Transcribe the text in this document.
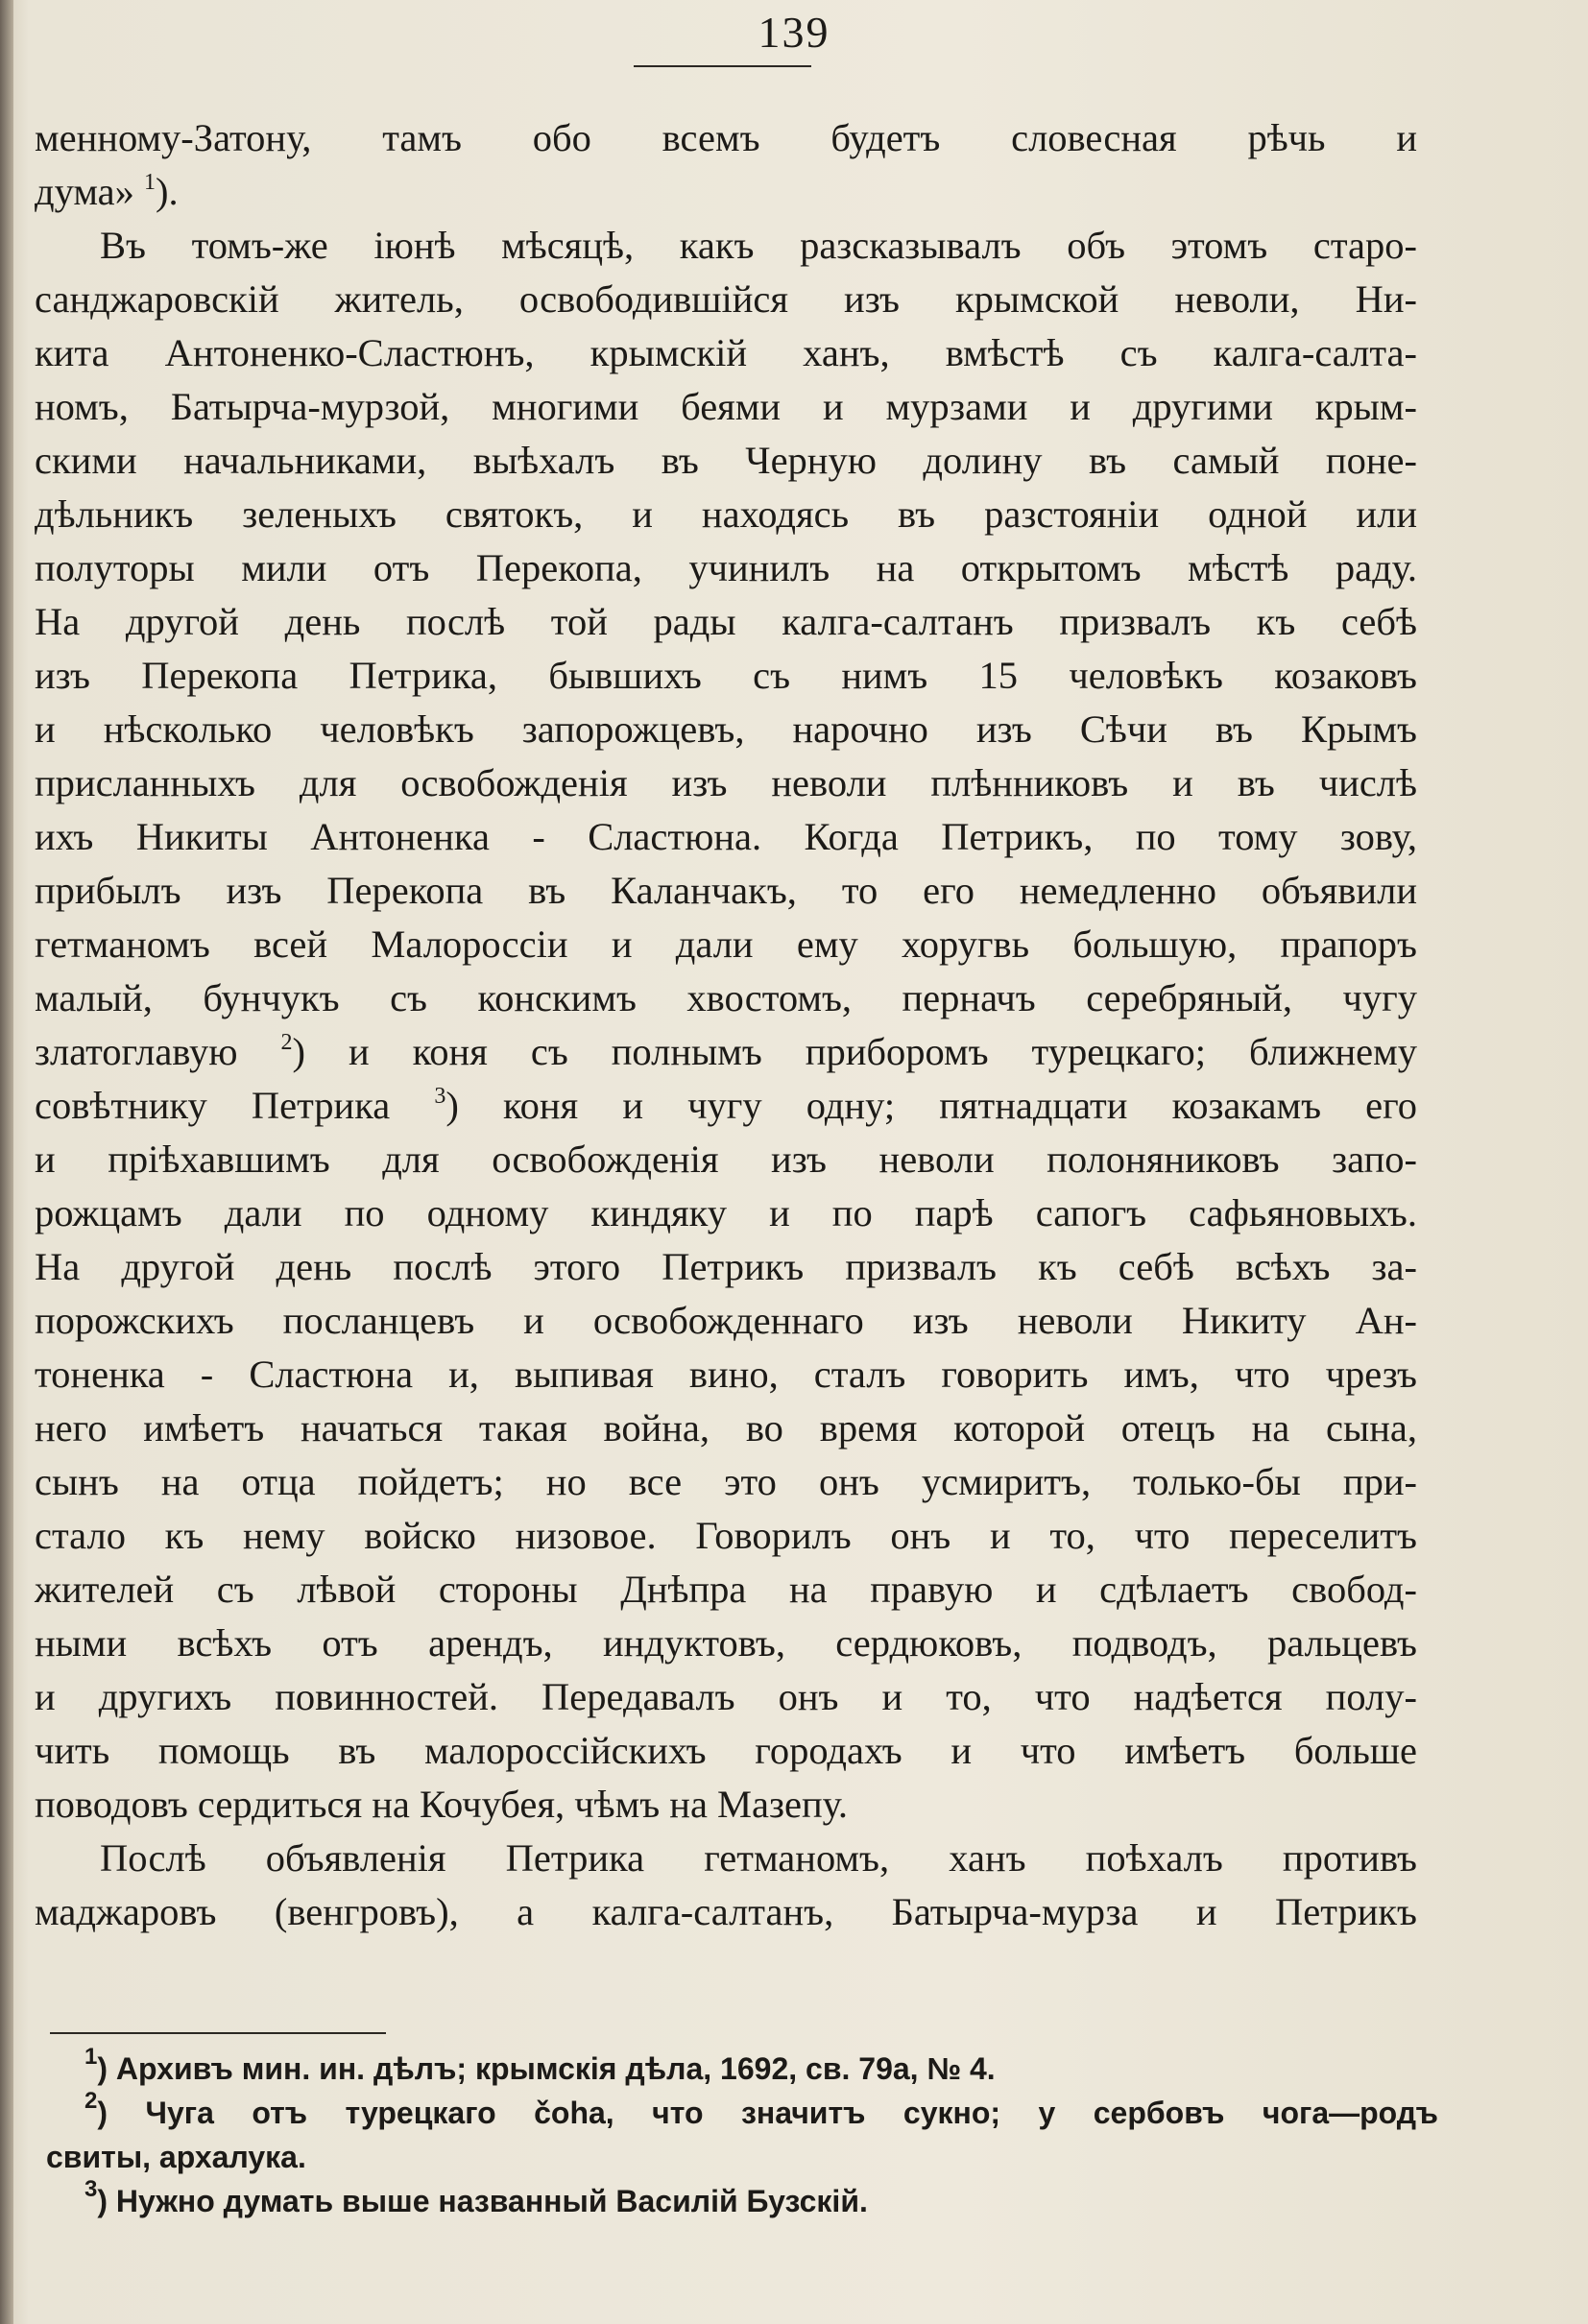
139
менному-Затону, тамъ обо всемъ будетъ словесная рѣчь и
дума» $^1$).
Въ томъ-же іюнѣ мѣсяцѣ, какъ разсказывалъ объ этомъ старо-
санджаровскій житель, освободившійся изъ крымской неволи, Ни-
кита Антоненко-Сластюнъ, крымскій ханъ, вмѣстѣ съ калга-салта-
номъ, Батырча-мурзой, многими беями и мурзами и другими крым-
скими начальниками, выѣхалъ въ Черную долину въ самый поне-
дѣльникъ зеленыхъ святокъ, и находясь въ разстояніи одной или
полуторы мили отъ Перекопа, учинилъ на открытомъ мѣстѣ раду.
На другой день послѣ той рады калга-салтанъ призвалъ къ себѣ
изъ Перекопа Петрика, бывшихъ съ нимъ 15 человѣкъ козаковъ
и нѣсколько человѣкъ запорожцевъ, нарочно изъ Сѣчи въ Крымъ
присланныхъ для освобожденія изъ неволи плѣнниковъ и въ числѣ
ихъ Никиты Антоненка - Сластюна. Когда Петрикъ, по тому зову,
прибылъ изъ Перекопа въ Каланчакъ, то его немедленно объявили
гетманомъ всей Малороссіи и дали ему хоругвь большую, прапоръ
малый, бунчукъ съ конскимъ хвостомъ, перначъ серебряный, чугу
златоглавую $^2$) и коня съ полнымъ приборомъ турецкаго; ближнему
совѣтнику Петрика $^3$) коня и чугу одну; пятнадцати козакамъ его
и пріѣхавшимъ для освобожденія изъ неволи полоняниковъ запо-
рожцамъ дали по одному киндяку и по парѣ сапогъ сафьяновыхъ.
На другой день послѣ этого Петрикъ призвалъ къ себѣ всѣхъ за-
порожскихъ посланцевъ и освобожденнаго изъ неволи Никиту Ан-
тоненка - Сластюна и, выпивая вино, сталъ говорить имъ, что чрезъ
него имѣетъ начаться такая война, во время которой отецъ на сына,
сынъ на отца пойдетъ; но все это онъ усмиритъ, только-бы при-
стало къ нему войско низовое. Говорилъ онъ и то, что переселитъ
жителей съ лѣвой стороны Днѣпра на правую и сдѣлаетъ свобод-
ными всѣхъ отъ арендъ, индуктовъ, сердюковъ, подводъ, ральцевъ
и другихъ повинностей. Передавалъ онъ и то, что надѣется полу-
чить помощь въ малороссійскихъ городахъ и что имѣетъ больше
поводовъ сердиться на Кочубея, чѣмъ на Мазепу.
Послѣ объявленія Петрика гетманомъ, ханъ поѣхалъ противъ
маджаровъ (венгровъ), а калга-салтанъ, Батырча-мурза и Петрикъ
$^1$) Архивъ мин. ин. дѣлъ; крымскія дѣла, 1692, св. 79а, № 4.
$^2$) Чуга отъ турецкаго čoha, что значитъ сукно; у сербовъ чога—родъ
свиты, архалука.
$^3$) Нужно думать выше названный Василій Бузскій.
